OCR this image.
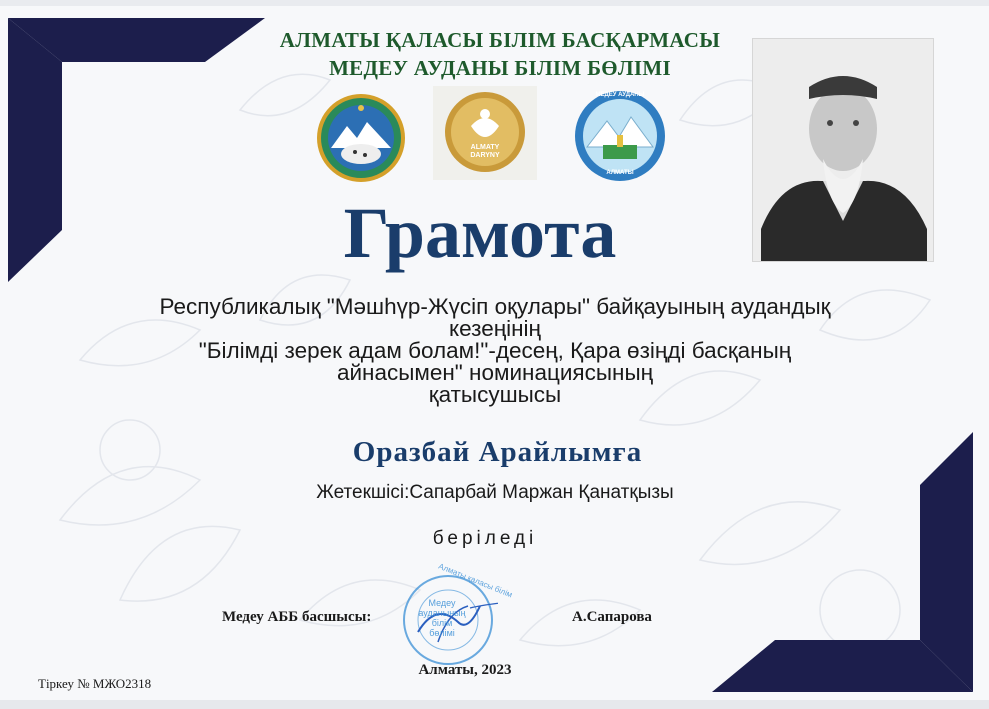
АЛМАТЫ ҚАЛАСЫ БІЛІМ БАСҚАРМАСЫ
МЕДЕУ АУДАНЫ БІЛІМ БӨЛІМІ
ALMATY
DARYNY
МЕДЕУ АУДАНЫ
АЛМАТЫ
Грамота
Республикалық "Мәшһүр-Жүсіп оқулары" байқауының аудандық
кезеңінің
"Білімді зерек адам болам!"-десең, Қара өзіңді басқаның
айнасымен" номинациясының
қатысушысы
Оразбай Арайлымға
Жетекшісі:Сапарбай Маржан Қанатқызы
беріледі
Медеу АББ басшысы:
Алматы қаласы білім
Медеу
ауданының
білім
бөлімі
А.Сапарова
Алматы, 2023
Тіркеу № МЖО2318
